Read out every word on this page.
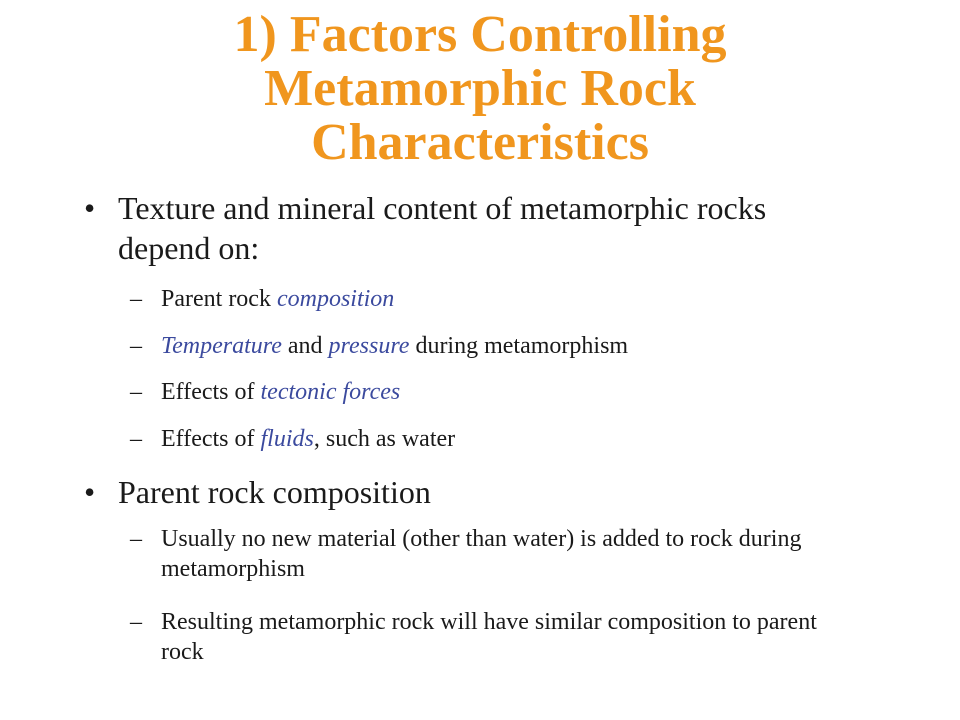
1) Factors Controlling
Metamorphic Rock
Characteristics
• Texture and mineral content of metamorphic rocks depend on:
– Parent rock composition
– Temperature and pressure during metamorphism
– Effects of tectonic forces
– Effects of fluids, such as water
• Parent rock composition
– Usually no new material (other than water) is added to rock during metamorphism
– Resulting metamorphic rock will have similar composition to parent rock
